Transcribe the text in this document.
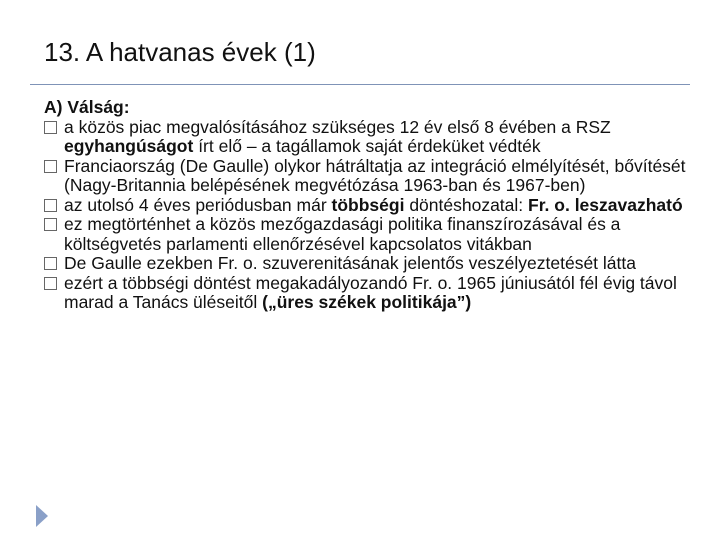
13. A hatvanas évek (1)
A) Válság:
a közös piac megvalósításához szükséges 12 év első 8 évében a RSZ egyhangúságot írt elő – a tagállamok saját érdeküket védték
Franciaország (De Gaulle) olykor hátráltatja az integráció elmélyítését, bővítését (Nagy-Britannia belépésének megvétózása 1963-ban és 1967-ben)
az utolsó 4 éves periódusban már többségi döntéshozatal: Fr. o. leszavazható
ez megtörténhet a közös mezőgazdasági politika finanszírozásával és a költségvetés parlamenti ellenőrzésével kapcsolatos vitákban
De Gaulle ezekben Fr. o. szuverenitásának jelentős veszélyeztetését látta
ezért a többségi döntést megakadályozandó Fr. o. 1965 júniusától fél évig távol marad a Tanács üléseitől („üres székek politikája”)
